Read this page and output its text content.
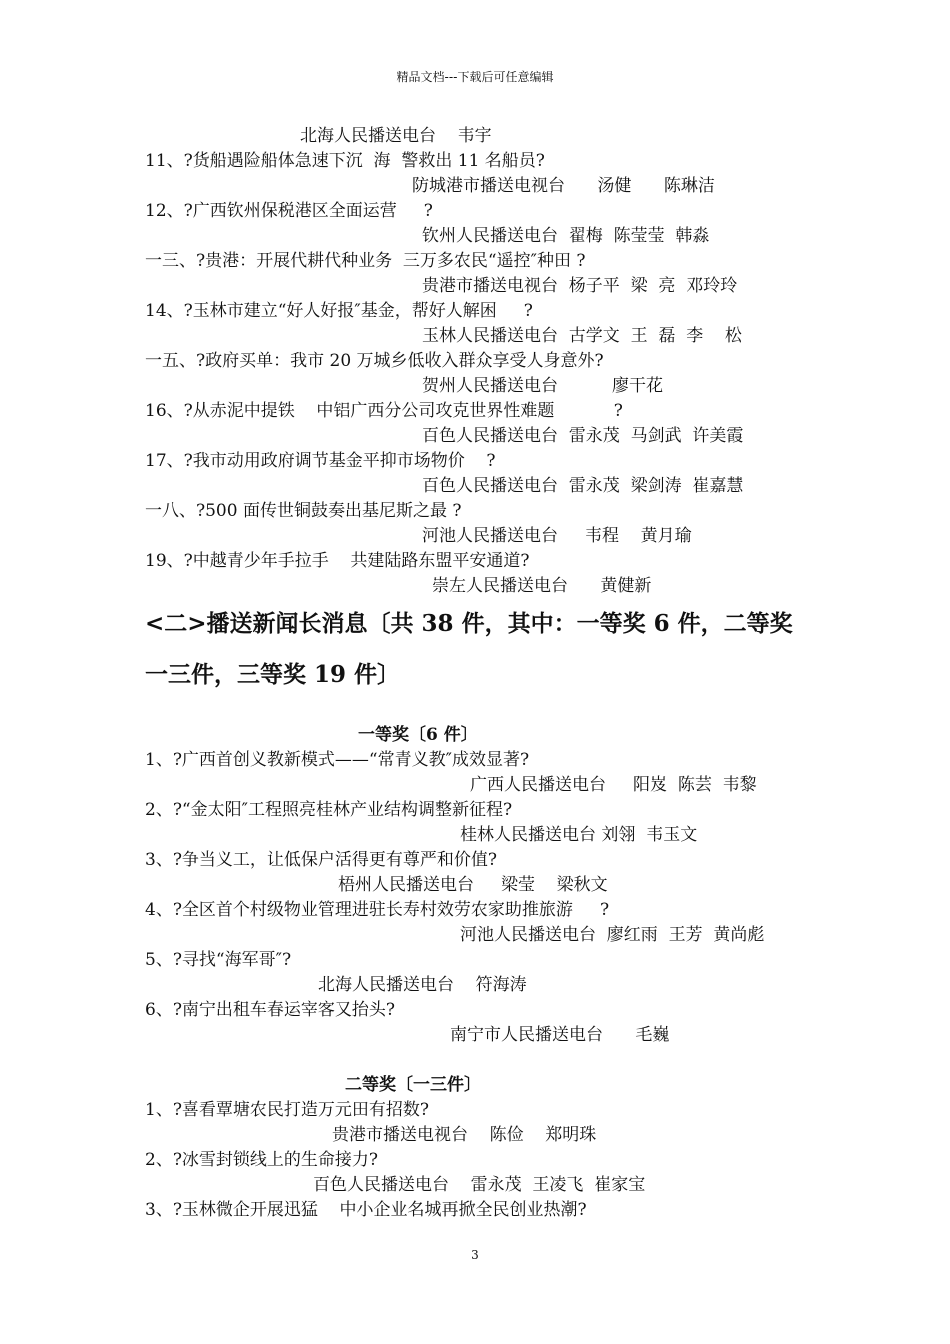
精品文档---下载后可任意编辑
北海人民播送电台    韦宇
11、?货船遇险船体急速下沉  海  警救出 11 名船员?
防城港市播送电视台      汤健      陈琳洁
12、?广西钦州保税港区全面运营     ?
钦州人民播送电台  翟梅  陈莹莹  韩淼
一三、?贵港：开展代耕代种业务  三万多农民“遥控″种田 ?
贵港市播送电视台  杨子平  梁  亮  邓玲玲
14、?玉林市建立“好人好报″基金，帮好人解困     ?
玉林人民播送电台  古学文  王  磊  李    松
一五、?政府买单：我市 20 万城乡低收入群众享受人身意外?
贺州人民播送电台          廖干花
16、?从赤泥中提铁    中铝广西分公司攻克世界性难题           ?
百色人民播送电台  雷永茂  马剑武  许美霞
17、?我市动用政府调节基金平抑市场物价    ?
百色人民播送电台  雷永茂  梁剑涛  崔嘉慧
一八、?500 面传世铜鼓奏出基尼斯之最 ?
河池人民播送电台     韦程    黄月瑜
19、?中越青少年手拉手    共建陆路东盟平安通道?
崇左人民播送电台      黄健新
<二>播送新闻长消息〔共 38 件，其中：一等奖 6 件，二等奖
一三件，三等奖 19 件〕
一等奖〔6 件〕
1、?广西首创义教新模式——“常青义教″成效显著?
广西人民播送电台     阳岌  陈芸  韦黎
2、?“金太阳″工程照亮桂林产业结构调整新征程?
桂林人民播送电台 刘翎  韦玉文
3、?争当义工，让低保户活得更有尊严和价值?
梧州人民播送电台     梁莹    梁秋文
4、?全区首个村级物业管理进驻长寿村效劳农家助推旅游     ?
河池人民播送电台  廖红雨  王芳  黄尚彪
5、?寻找“海军哥″?
北海人民播送电台    符海涛
6、?南宁出租车春运宰客又抬头?
南宁市人民播送电台      毛巍
二等奖〔一三件〕
1、?喜看覃塘农民打造万元田有招数?
贵港市播送电视台    陈俭    郑明珠
2、?冰雪封锁线上的生命接力?
百色人民播送电台    雷永茂  王凌飞  崔家宝
3、?玉林微企开展迅猛    中小企业名城再掀全民创业热潮?
3
